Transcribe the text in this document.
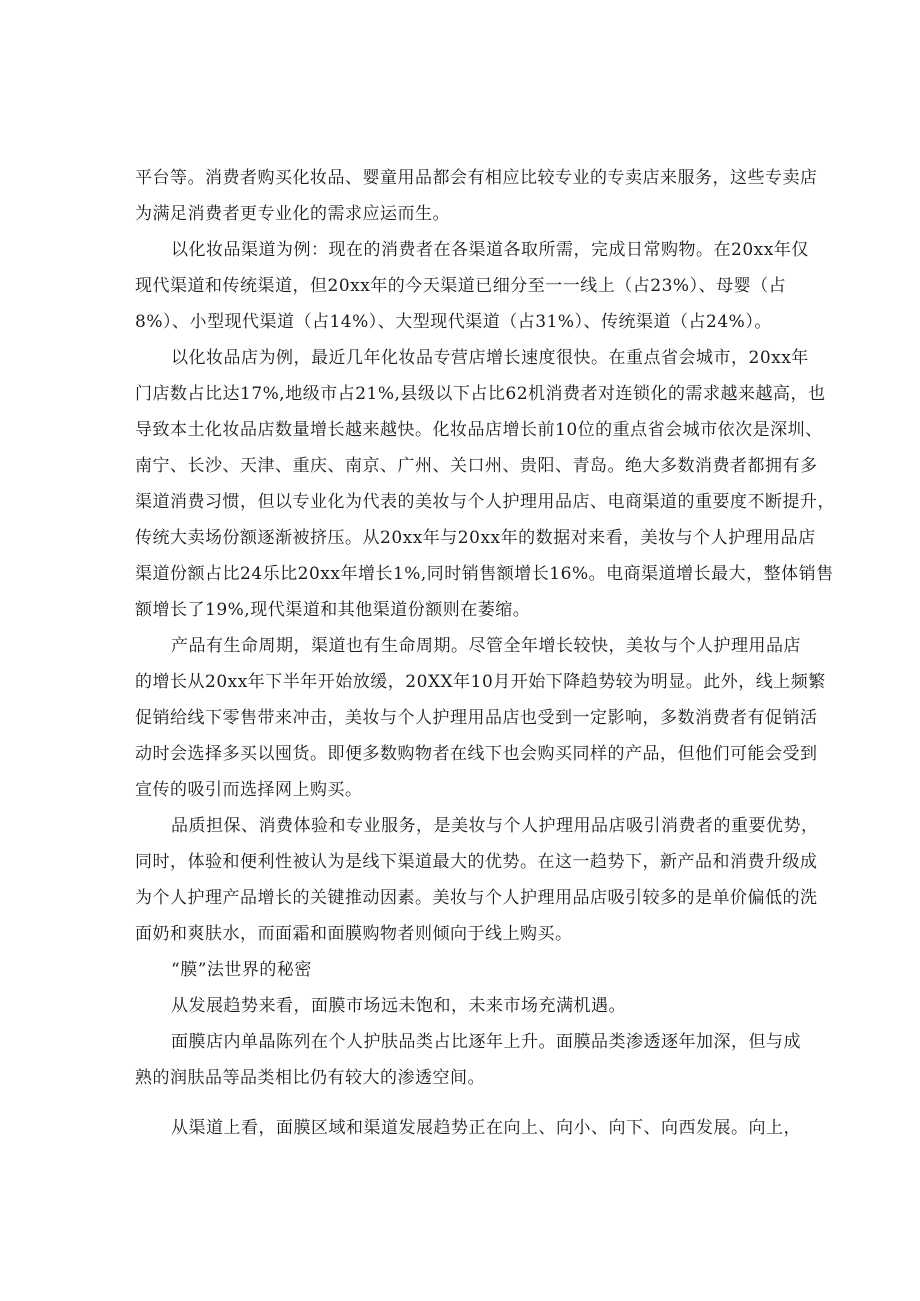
平台等。消费者购买化妆品、婴童用品都会有相应比较专业的专卖店来服务，这些专卖店
为满足消费者更专业化的需求应运而生。
以化妆品渠道为例：现在的消费者在各渠道各取所需，完成日常购物。在20xx年仅
现代渠道和传统渠道，但20xx年的今天渠道已细分至一一线上（占23%）、母婴（占
8%）、小型现代渠道（占14%）、大型现代渠道（占31%）、传统渠道（占24%）。
以化妆品店为例，最近几年化妆品专营店增长速度很快。在重点省会城市，20xx年
门店数占比达17%,地级市占21%,县级以下占比62机消费者对连锁化的需求越来越高，也
导致本土化妆品店数量增长越来越快。化妆品店增长前10位的重点省会城市依次是深圳、
南宁、长沙、天津、重庆、南京、广州、关口州、贵阳、青岛。绝大多数消费者都拥有多
渠道消费习惯，但以专业化为代表的美妆与个人护理用品店、电商渠道的重要度不断提升，
传统大卖场份额逐渐被挤压。从20xx年与20xx年的数据对来看，美妆与个人护理用品店
渠道份额占比24乐比20xx年增长1%,同时销售额增长16%。电商渠道增长最大，整体销售
额增长了19%,现代渠道和其他渠道份额则在萎缩。
产品有生命周期，渠道也有生命周期。尽管全年增长较快，美妆与个人护理用品店
的增长从20xx年下半年开始放缓，20XX年10月开始下降趋势较为明显。此外，线上频繁
促销给线下零售带来冲击，美妆与个人护理用品店也受到一定影响，多数消费者有促销活
动时会选择多买以囤货。即便多数购物者在线下也会购买同样的产品，但他们可能会受到
宣传的吸引而选择网上购买。
品质担保、消费体验和专业服务，是美妆与个人护理用品店吸引消费者的重要优势，
同时，体验和便利性被认为是线下渠道最大的优势。在这一趋势下，新产品和消费升级成
为个人护理产品增长的关键推动因素。美妆与个人护理用品店吸引较多的是单价偏低的洗
面奶和爽肤水，而面霜和面膜购物者则倾向于线上购买。
“膜”法世界的秘密
从发展趋势来看，面膜市场远未饱和，未来市场充满机遇。
面膜店内单晶陈列在个人护肤品类占比逐年上升。面膜品类渗透逐年加深，但与成
熟的润肤品等品类相比仍有较大的渗透空间。
从渠道上看，面膜区域和渠道发展趋势正在向上、向小、向下、向西发展。向上，
